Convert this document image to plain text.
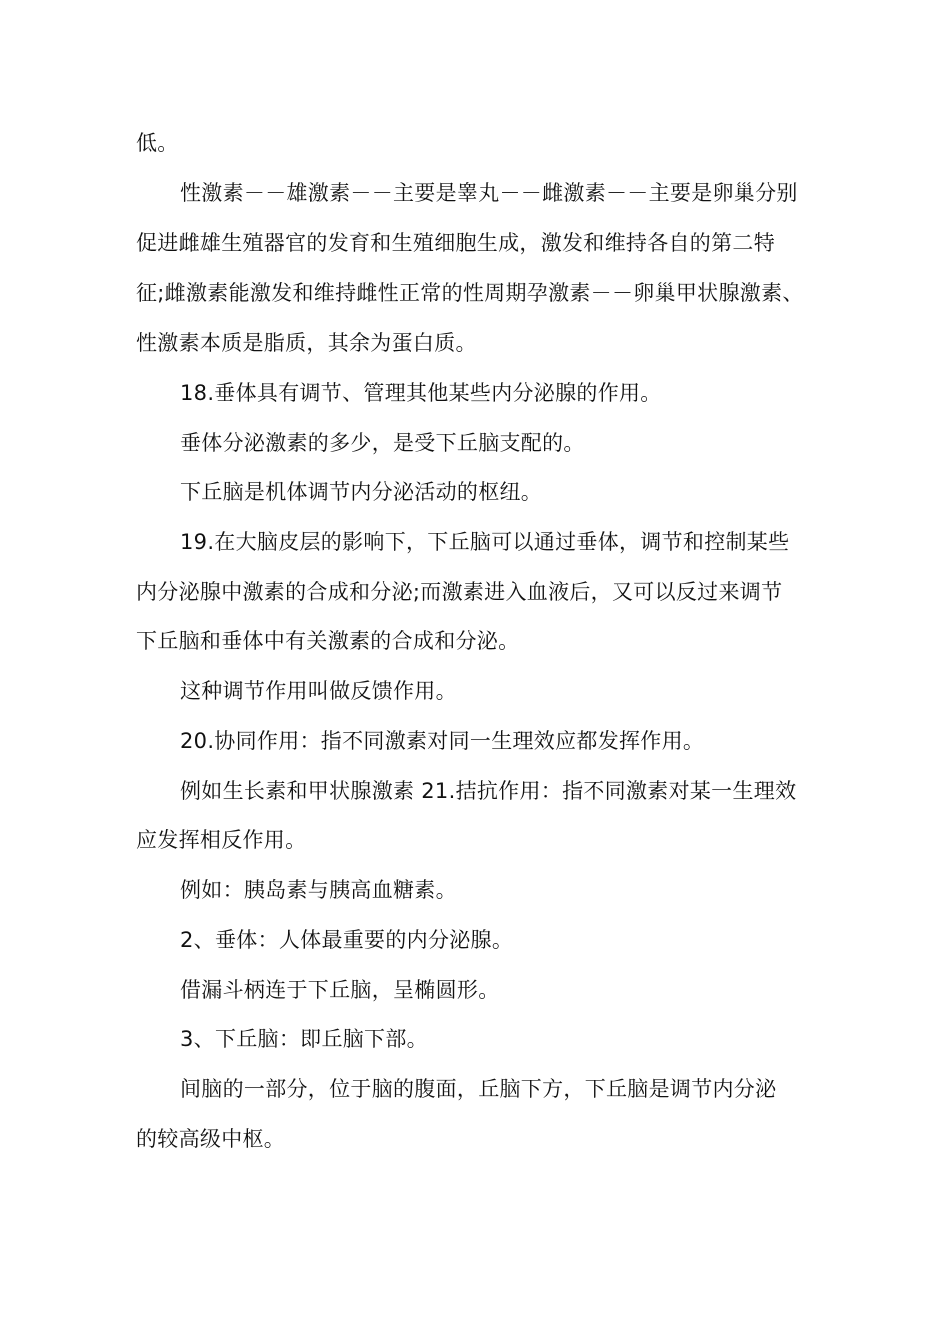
低。
性激素－－雄激素－－主要是睾丸－－雌激素－－主要是卵巢分别
促进雌雄生殖器官的发育和生殖细胞生成，激发和维持各自的第二特
征;雌激素能激发和维持雌性正常的性周期孕激素－－卵巢甲状腺激素、
性激素本质是脂质，其余为蛋白质。
18.垂体具有调节、管理其他某些内分泌腺的作用。
垂体分泌激素的多少，是受下丘脑支配的。
下丘脑是机体调节内分泌活动的枢纽。
19.在大脑皮层的影响下，下丘脑可以通过垂体，调节和控制某些
内分泌腺中激素的合成和分泌;而激素进入血液后，又可以反过来调节
下丘脑和垂体中有关激素的合成和分泌。
这种调节作用叫做反馈作用。
20.协同作用：指不同激素对同一生理效应都发挥作用。
例如生长素和甲状腺激素 21.拮抗作用：指不同激素对某一生理效
应发挥相反作用。
例如：胰岛素与胰高血糖素。
2、垂体：人体最重要的内分泌腺。
借漏斗柄连于下丘脑，呈椭圆形。
3、下丘脑：即丘脑下部。
间脑的一部分，位于脑的腹面，丘脑下方，下丘脑是调节内分泌
的较高级中枢。
